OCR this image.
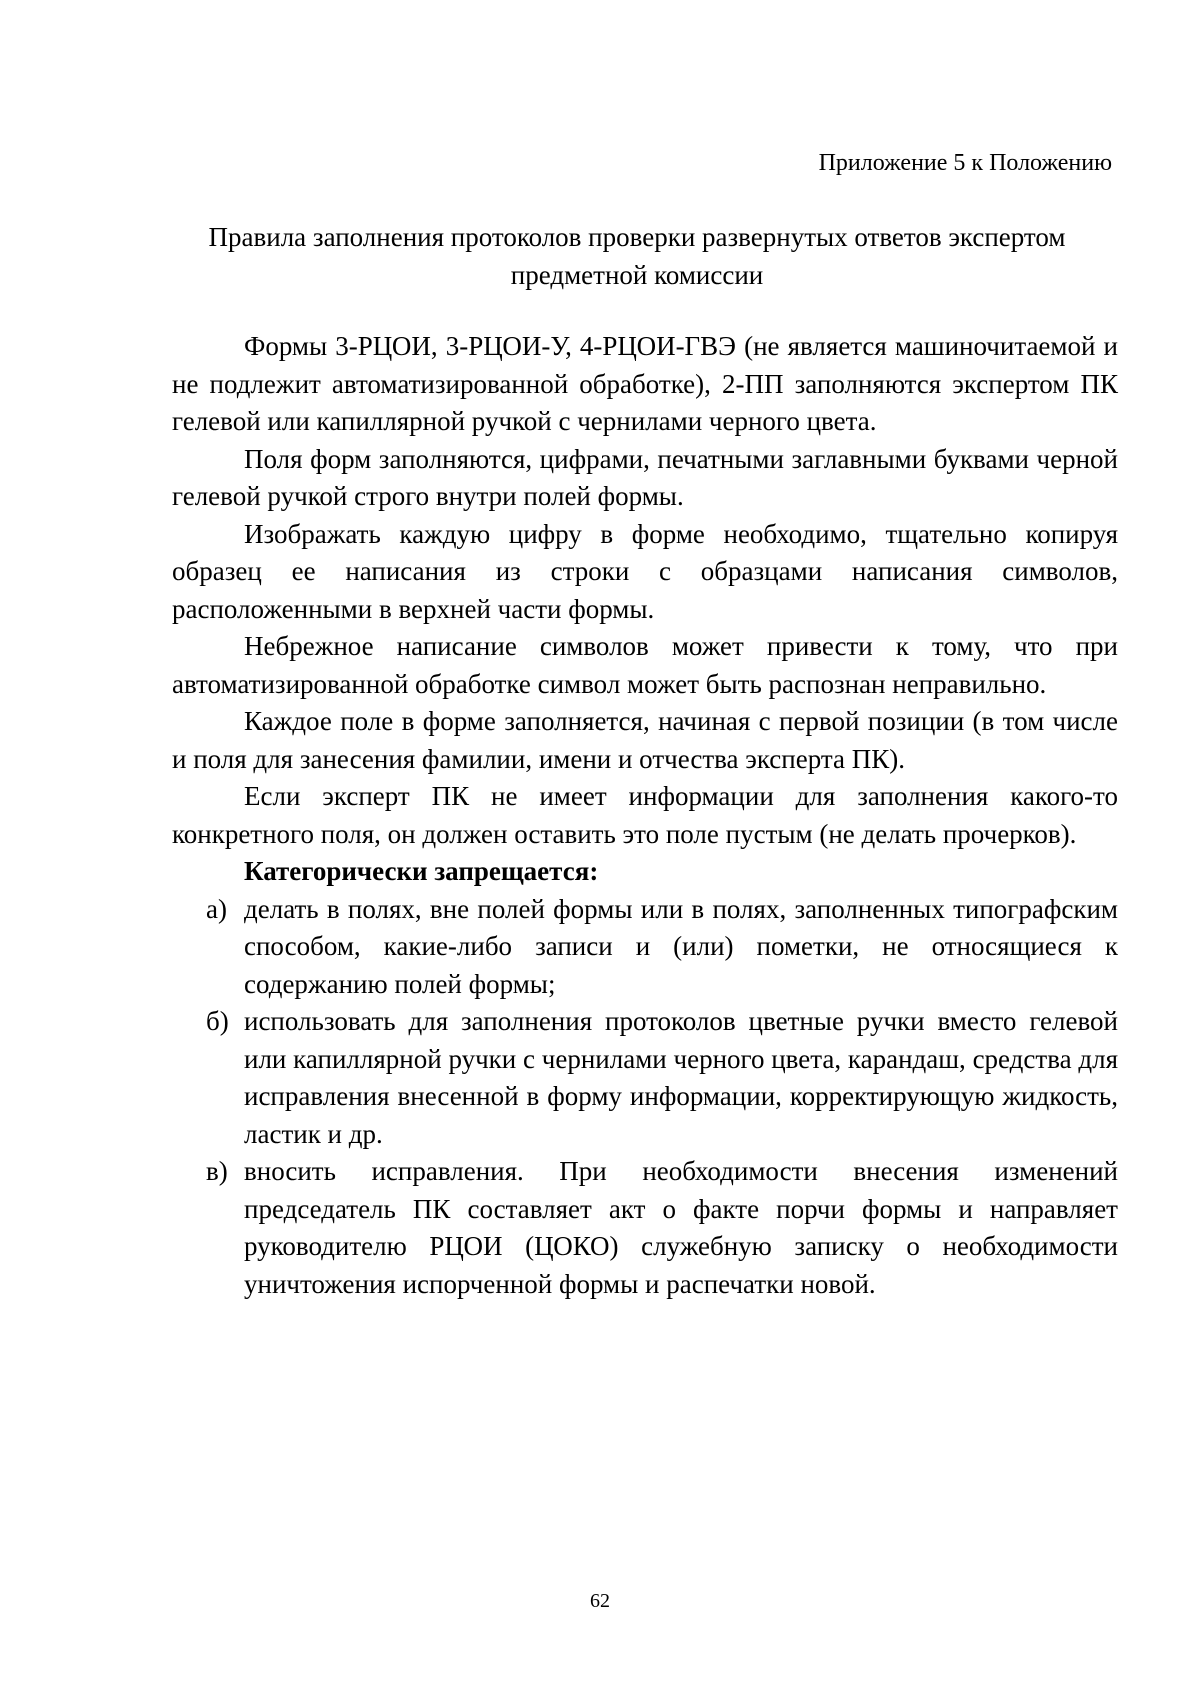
Приложение 5 к Положению
Правила заполнения протоколов проверки развернутых ответов экспертом
предметной комиссии

Формы 3-РЦОИ, 3-РЦОИ-У, 4-РЦОИ-ГВЭ (не является машиночитаемой и не подлежит автоматизированной обработке), 2-ПП заполняются экспертом ПК гелевой или капиллярной ручкой с чернилами черного цвета.

Поля форм заполняются, цифрами, печатными заглавными буквами черной гелевой ручкой строго внутри полей формы.

Изображать каждую цифру в форме необходимо, тщательно копируя образец ее написания из строки с образцами написания символов, расположенными в верхней части формы.

Небрежное написание символов может привести к тому, что при автоматизированной обработке символ может быть распознан неправильно.

Каждое поле в форме заполняется, начиная с первой позиции (в том числе и поля для занесения фамилии, имени и отчества эксперта ПК).

Если эксперт ПК не имеет информации для заполнения какого-то конкретного поля, он должен оставить это поле пустым (не делать прочерков).

Категорически запрещается:

а) делать в полях, вне полей формы или в полях, заполненных типографским способом, какие-либо записи и (или) пометки, не относящиеся к содержанию полей формы;
б) использовать для заполнения протоколов цветные ручки вместо гелевой или капиллярной ручки с чернилами черного цвета, карандаш, средства для исправления внесенной в форму информации, корректирующую жидкость, ластик и др.
в) вносить исправления. При необходимости внесения изменений председатель ПК составляет акт о факте порчи формы и направляет руководителю РЦОИ (ЦОКО) служебную записку о необходимости уничтожения испорченной формы и распечатки новой.
62
